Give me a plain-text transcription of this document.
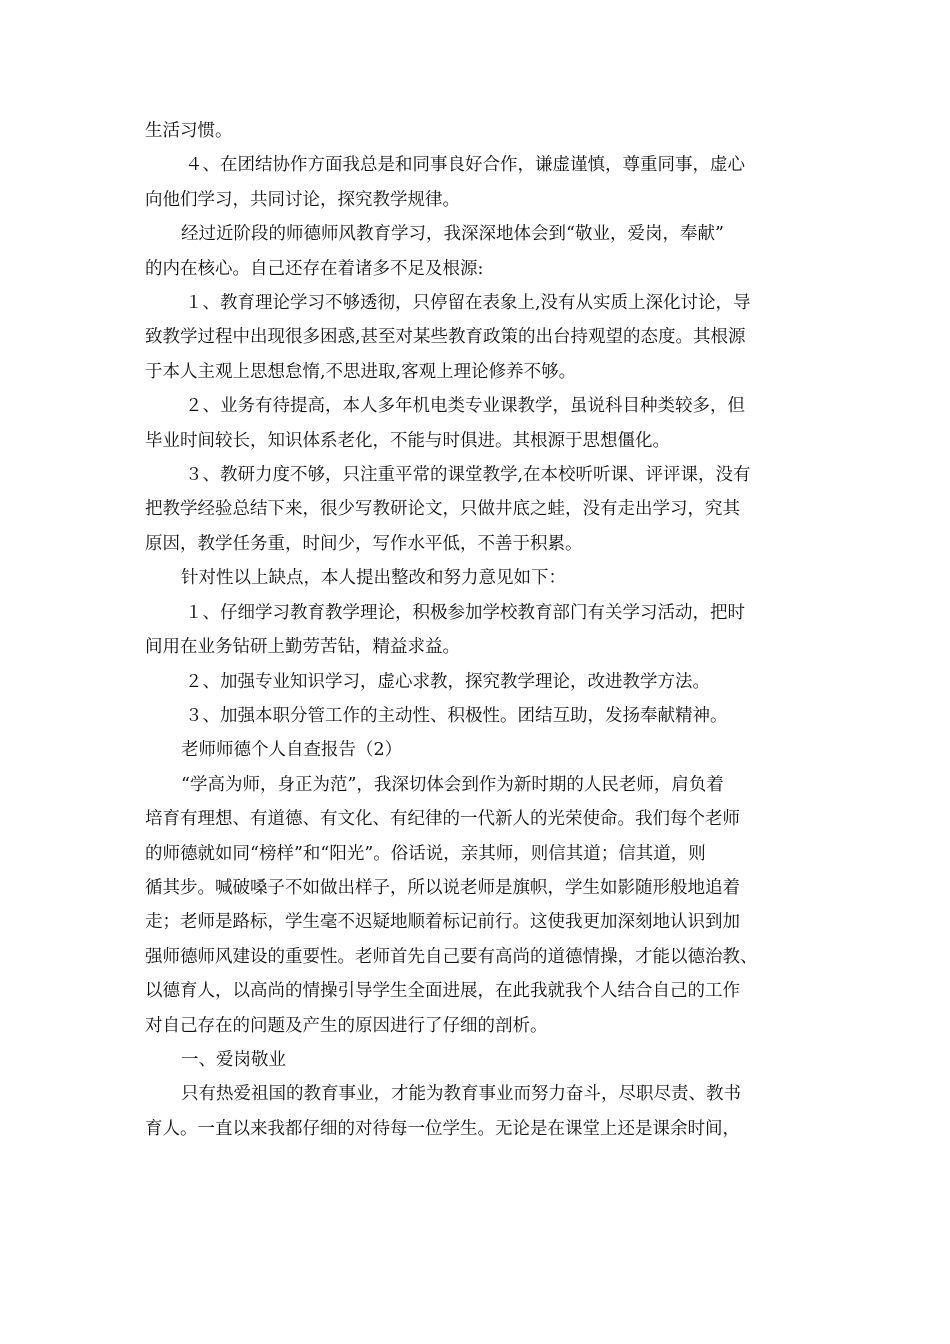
生活习惯。

４、在团结协作方面我总是和同事良好合作，谦虚谨慎，尊重同事，虚心

向他们学习，共同讨论，探究教学规律。

经过近阶段的师德师风教育学习，我深深地体会到“敬业，爱岗，奉献”

的内在核心。自己还存在着诸多不足及根源:

１、教育理论学习不够透彻，只停留在表象上,没有从实质上深化讨论，导

致教学过程中出现很多困惑,甚至对某些教育政策的出台持观望的态度。其根源

于本人主观上思想怠惰,不思进取,客观上理论修养不够。

２、业务有待提高，本人多年机电类专业课教学，虽说科目种类较多，但

毕业时间较长，知识体系老化，不能与时俱进。其根源于思想僵化。

３、教研力度不够，只注重平常的课堂教学,在本校听听课、评评课，没有

把教学经验总结下来，很少写教研论文，只做井底之蛙，没有走出学习，究其

原因，教学任务重，时间少，写作水平低，不善于积累。

针对性以上缺点，本人提出整改和努力意见如下：

１、仔细学习教育教学理论，积极参加学校教育部门有关学习活动，把时

间用在业务钻研上勤劳苦钻，精益求益。

２、加强专业知识学习，虚心求教，探究教学理论，改进教学方法。

３、加强本职分管工作的主动性、积极性。团结互助，发扬奉献精神。

老师师德个人自查报告（2）

“学高为师，身正为范”，我深切体会到作为新时期的人民老师，肩负着

培育有理想、有道德、有文化、有纪律的一代新人的光荣使命。我们每个老师

的师德就如同“榜样”和“阳光”。俗话说，亲其师，则信其道；信其道，则

循其步。喊破嗓子不如做出样子，所以说老师是旗帜，学生如影随形般地追着

走；老师是路标，学生毫不迟疑地顺着标记前行。这使我更加深刻地认识到加

强师德师风建设的重要性。老师首先自己要有高尚的道德情操，才能以德治教、

以德育人，以高尚的情操引导学生全面进展，在此我就我个人结合自己的工作

对自己存在的问题及产生的原因进行了仔细的剖析。

一、爱岗敬业

只有热爱祖国的教育事业，才能为教育事业而努力奋斗，尽职尽责、教书

育人。一直以来我都仔细的对待每一位学生。无论是在课堂上还是课余时间，
